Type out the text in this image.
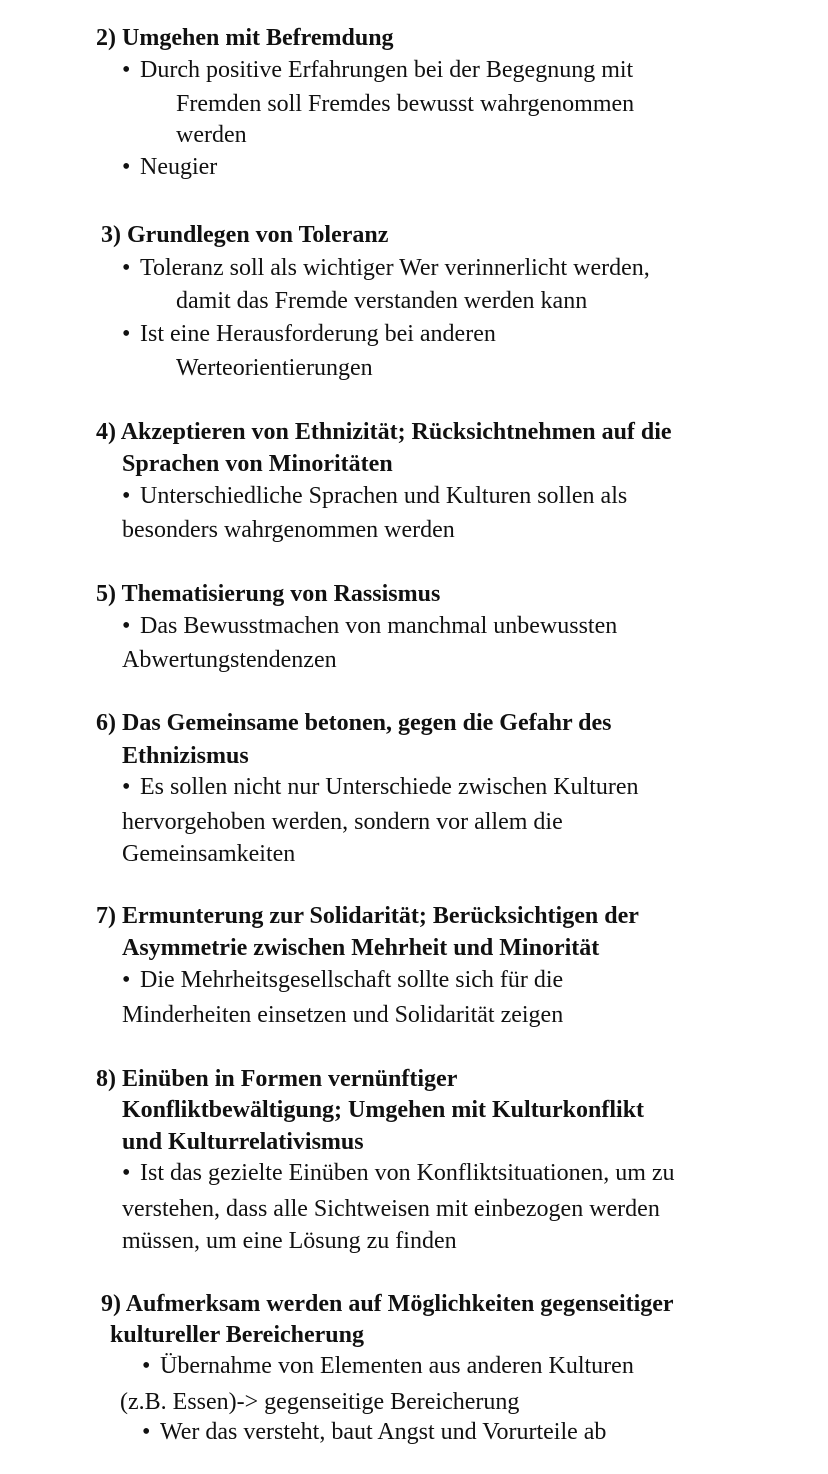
2) Umgehen mit Befremdung
• Durch positive Erfahrungen bei der Begegnung mit
Fremden soll Fremdes bewusst wahrgenommen
werden
• Neugier
3) Grundlegen von Toleranz
• Toleranz soll als wichtiger Wer verinnerlicht werden,
damit das Fremde verstanden werden kann
• Ist eine Herausforderung bei anderen
Werteorientierungen
4) Akzeptieren von Ethnizität; Rücksichtnehmen auf die
Sprachen von Minoritäten
• Unterschiedliche Sprachen und Kulturen sollen als
besonders wahrgenommen werden
5) Thematisierung von Rassismus
• Das Bewusstmachen von manchmal unbewussten
Abwertungstendenzen
6) Das Gemeinsame betonen, gegen die Gefahr des
Ethnizismus
• Es sollen nicht nur Unterschiede zwischen Kulturen
hervorgehoben werden, sondern vor allem die
Gemeinsamkeiten
7) Ermunterung zur Solidarität; Berücksichtigen der
Asymmetrie zwischen Mehrheit und Minorität
• Die Mehrheitsgesellschaft sollte sich für die
Minderheiten einsetzen und Solidarität zeigen
8) Einüben in Formen vernünftiger
Konfliktbewältigung; Umgehen mit Kulturkonflikt
und Kulturrelativismus
• Ist das gezielte Einüben von Konfliktsituationen, um zu
verstehen, dass alle Sichtweisen mit einbezogen werden
müssen, um eine Lösung zu finden
9) Aufmerksam werden auf Möglichkeiten gegenseitiger
kultureller Bereicherung
• Übernahme von Elementen aus anderen Kulturen
(z.B. Essen)-> gegenseitige Bereicherung
• Wer das versteht, baut Angst und Vorurteile ab
